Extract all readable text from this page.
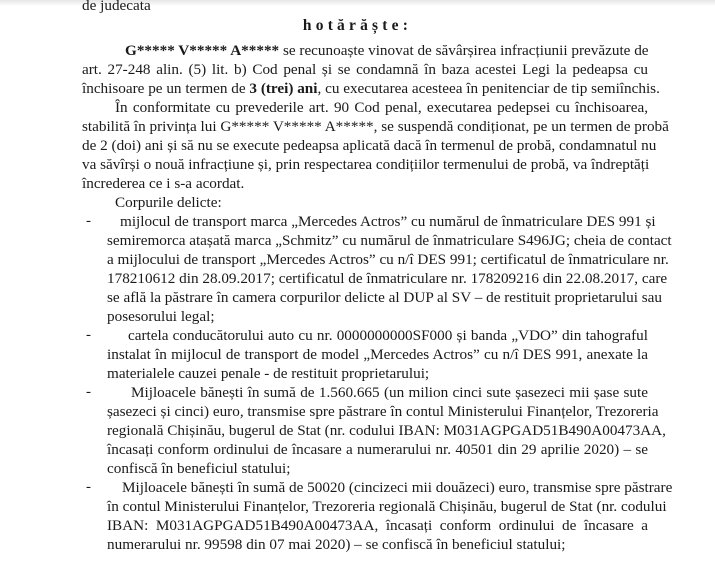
de judecata
hotărăște:
G***** V***** A***** se recunoaște vinovat de săvârșirea infracțiunii prevăzute de
art. 27-248 alin. (5) lit. b) Cod penal și se condamnă în baza acestei Legi la pedeapsa cu
închisoare pe un termen de 3 (trei) ani, cu executarea acesteea în penitenciar de tip semiînchis.
În conformitate cu prevederile art. 90 Cod penal, executarea pedepsei cu închisoarea,
stabilită în privința lui G***** V***** A*****, se suspendă condiționat, pe un termen de probă
de 2 (doi) ani și să nu se execute pedeapsa aplicată dacă în termenul de probă, condamnatul nu
va săvîrși o nouă infracțiune și, prin respectarea condițiilor termenului de probă, va îndreptăți
încrederea ce i s-a acordat.
Corpurile delicte:
- mijlocul de transport marca „Mercedes Actros” cu numărul de înmatriculare DES 991 și
semiremorca atașată marca „Schmitz” cu numărul de înmatriculare S496JG; cheia de contact
a mijlocului de transport „Mercedes Actros” cu n/î DES 991; certificatul de înmatriculare nr.
178210612 din 28.09.2017; certificatul de înmatriculare nr. 178209216 din 22.08.2017, care
se află la păstrare în camera corpurilor delicte al DUP al SV – de restituit proprietarului sau
posesorului legal;
- cartela conducătorului auto cu nr. 0000000000SF000 și banda „VDO” din tahograful
instalat în mijlocul de transport de model „Mercedes Actros” cu n/î DES 991, anexate la
materialele cauzei penale - de restituit proprietarului;
-	Mijloacele bănești în sumă de 1.560.665 (un milion cinci sute șasezeci mii șase sute
șasezeci și cinci) euro, transmise spre păstrare în contul Ministerului Finanțelor, Trezoreria
regională Chișinău, bugerul de Stat (nr. codului IBAN: M031AGPGAD51B490A00473AA,
încasați conform ordinului de încasare a numerarului nr. 40501 din 29 aprilie 2020) – se
confiscă în beneficiul statului;
- Mijloacele bănești în sumă de 50020 (cincizeci mii douăzeci) euro, transmise spre păstrare
în contul Ministerului Finanțelor, Trezoreria regională Chișinău, bugerul de Stat (nr. codului
IBAN: M031AGPGAD51B490A00473AA, încasați conform ordinului de încasare a
numerarului nr. 99598 din 07 mai 2020) – se confiscă în beneficiul statului;
